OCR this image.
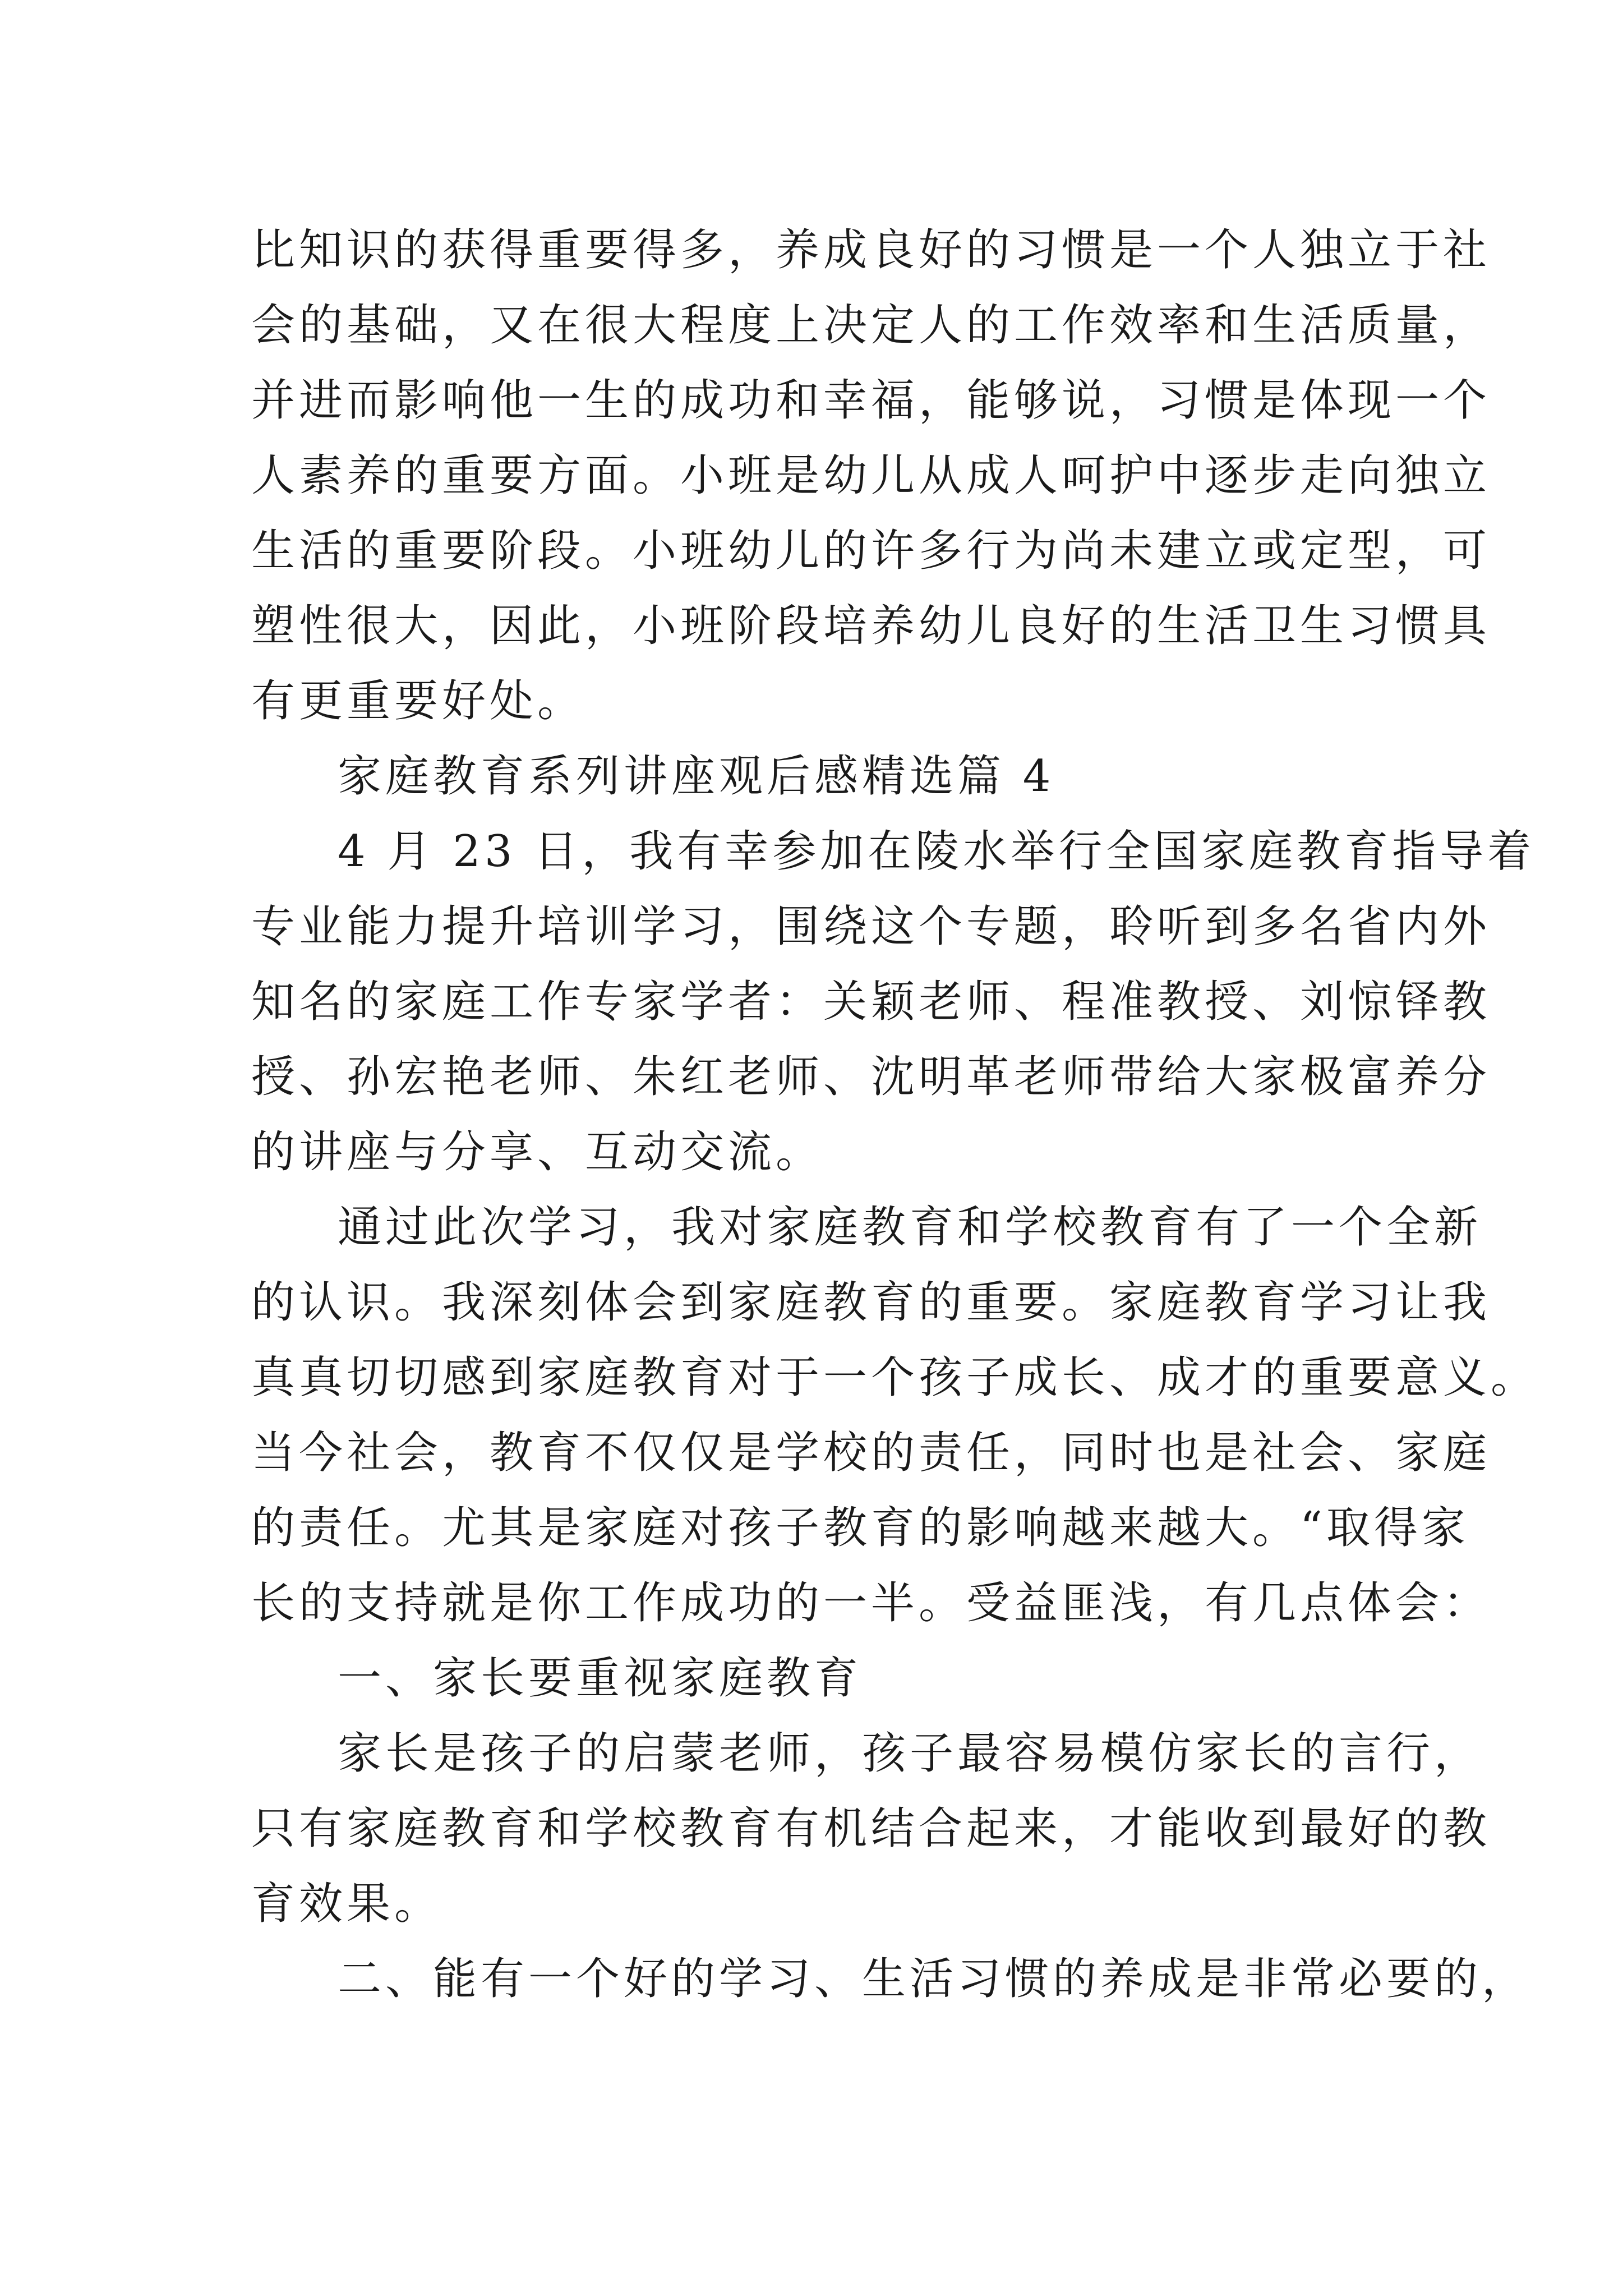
比知识的获得重要得多，养成良好的习惯是一个人独立于社
会的基础，又在很大程度上决定人的工作效率和生活质量，
并进而影响他一生的成功和幸福，能够说，习惯是体现一个
人素养的重要方面。小班是幼儿从成人呵护中逐步走向独立
生活的重要阶段。小班幼儿的许多行为尚未建立或定型，可
塑性很大，因此，小班阶段培养幼儿良好的生活卫生习惯具
有更重要好处。
家庭教育系列讲座观后感精选篇 4
4 月 23 日，我有幸参加在陵水举行全国家庭教育指导着
专业能力提升培训学习，围绕这个专题，聆听到多名省内外
知名的家庭工作专家学者：关颖老师、程准教授、刘惊铎教
授、孙宏艳老师、朱红老师、沈明革老师带给大家极富养分
的讲座与分享、互动交流。
通过此次学习，我对家庭教育和学校教育有了一个全新
的认识。我深刻体会到家庭教育的重要。家庭教育学习让我
真真切切感到家庭教育对于一个孩子成长、成才的重要意义。
当今社会，教育不仅仅是学校的责任，同时也是社会、家庭
的责任。尤其是家庭对孩子教育的影响越来越大。“取得家
长的支持就是你工作成功的一半。受益匪浅，有几点体会：
一、家长要重视家庭教育
家长是孩子的启蒙老师，孩子最容易模仿家长的言行，
只有家庭教育和学校教育有机结合起来，才能收到最好的教
育效果。
二、能有一个好的学习、生活习惯的养成是非常必要的，
